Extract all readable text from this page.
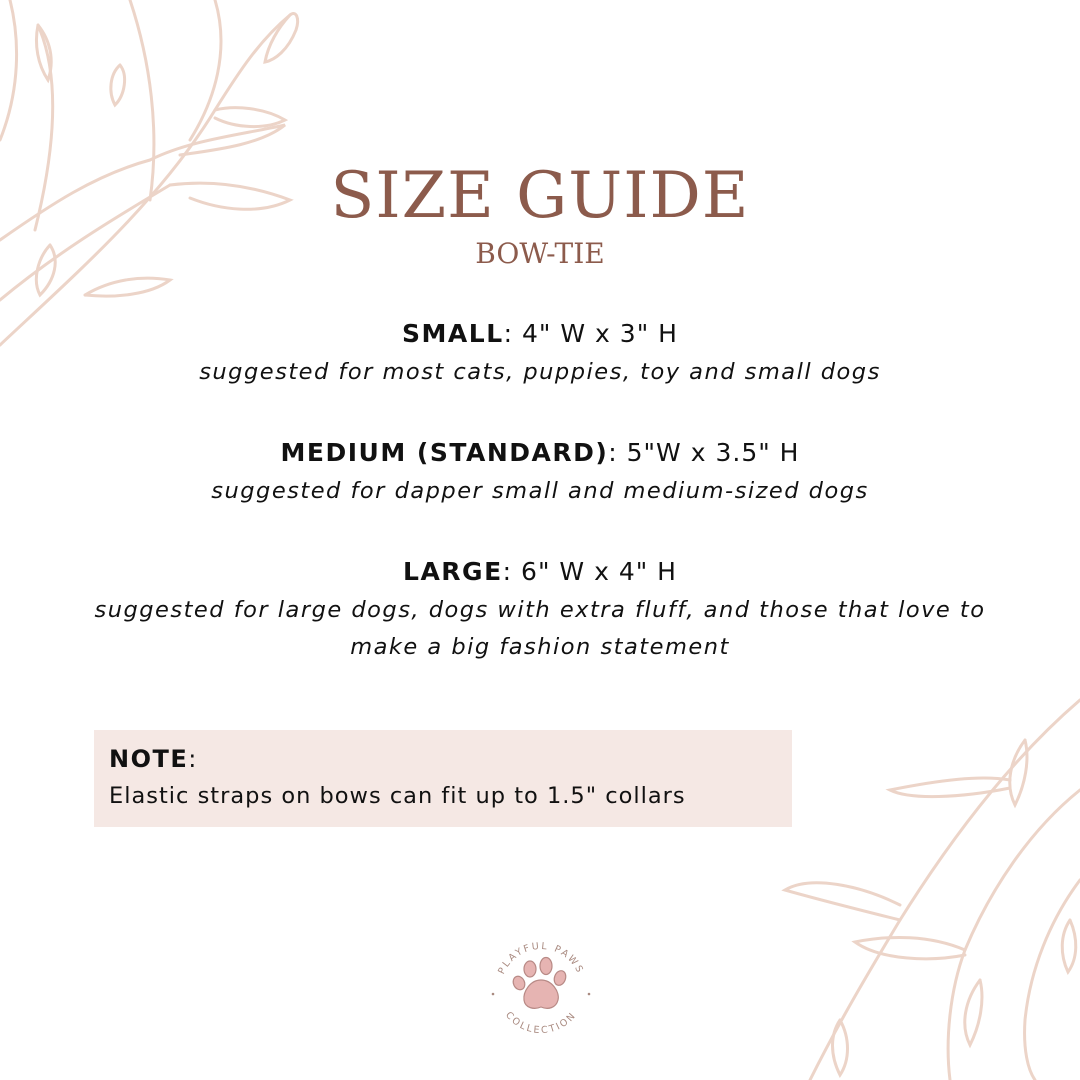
SIZE GUIDE
BOW-TIE
SMALL: 4" W x 3" H
suggested for most cats, puppies, toy and small dogs
MEDIUM (STANDARD): 5"W x 3.5" H
suggested for dapper small and medium-sized dogs
LARGE: 6" W x 4" H
suggested for large dogs, dogs with extra fluff, and those that love to make a big fashion statement
NOTE:
Elastic straps on bows can fit up to 1.5" collars
PLAYFUL PAWS
COLLECTION
